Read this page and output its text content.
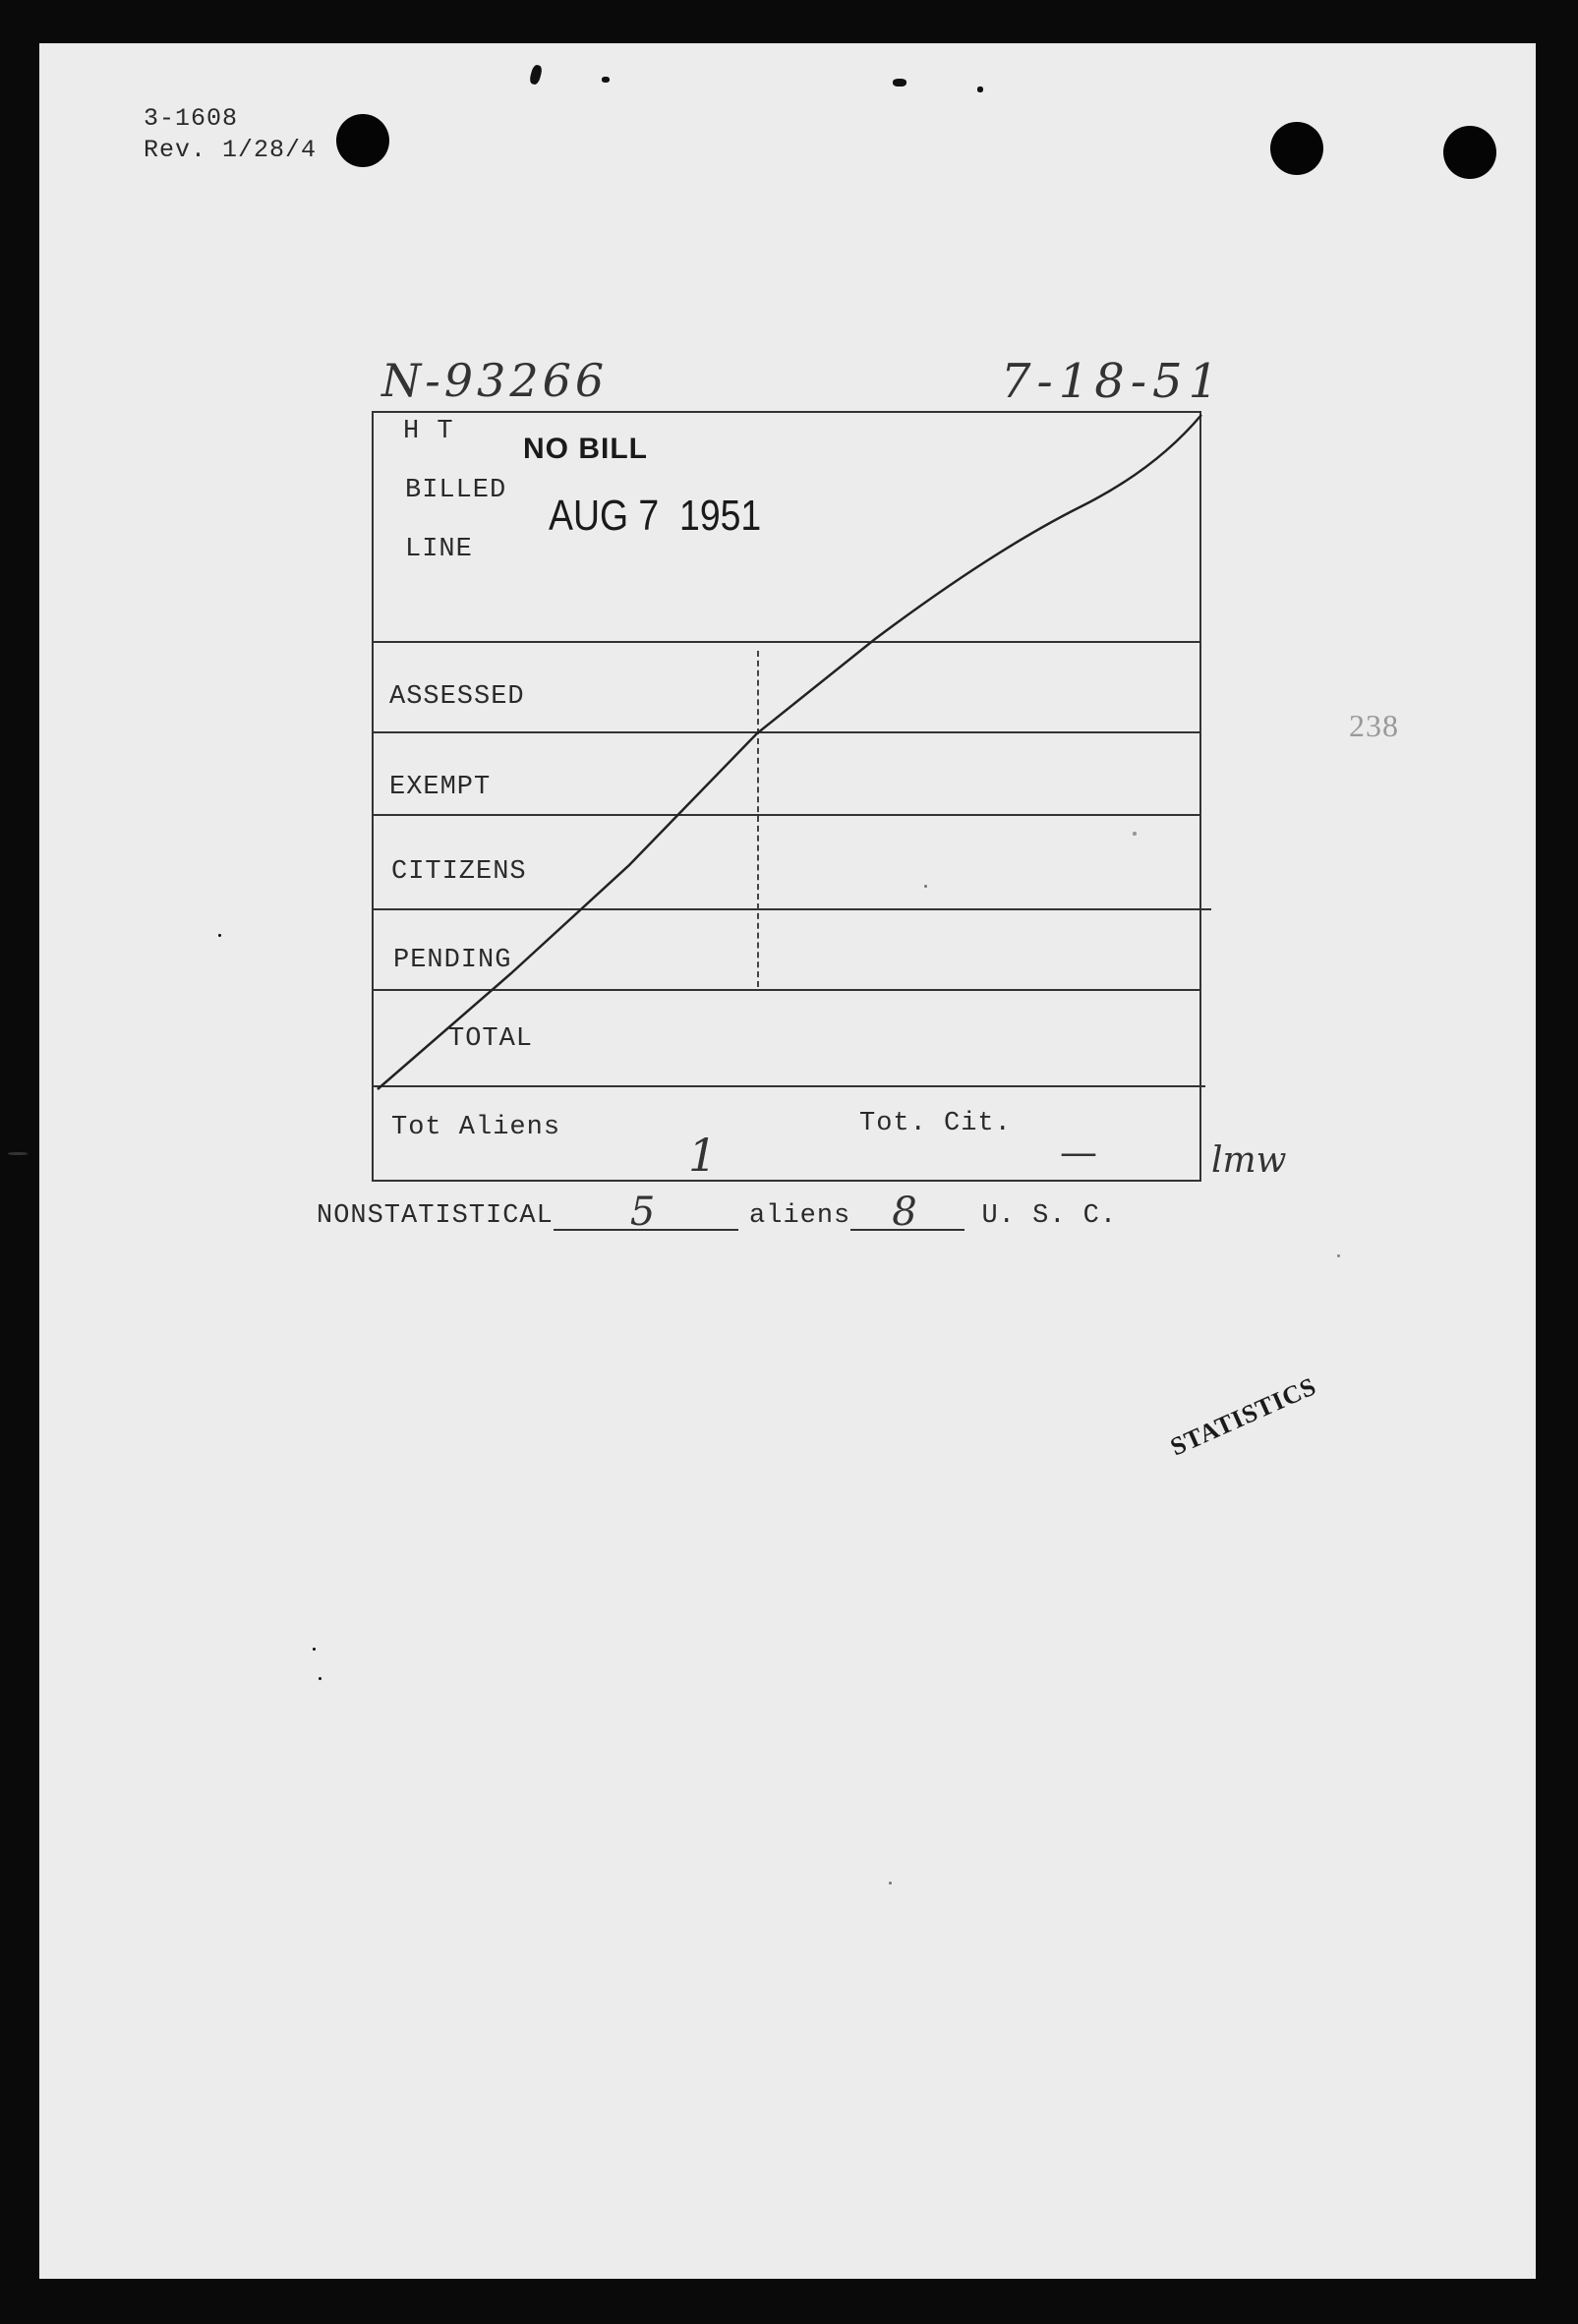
3-1608
Rev. 1/28/4
N-93266	7-18-51
238
lmw
H T
BILLED
LINE
NO BILL
AUG 7  1951
ASSESSED
EXEMPT
CITIZENS
PENDING
TOTAL
Tot Aliens	Tot. Cit.
1	—
NONSTATISTICAL 5	aliens 8 U. S. C.
STATISTICS
